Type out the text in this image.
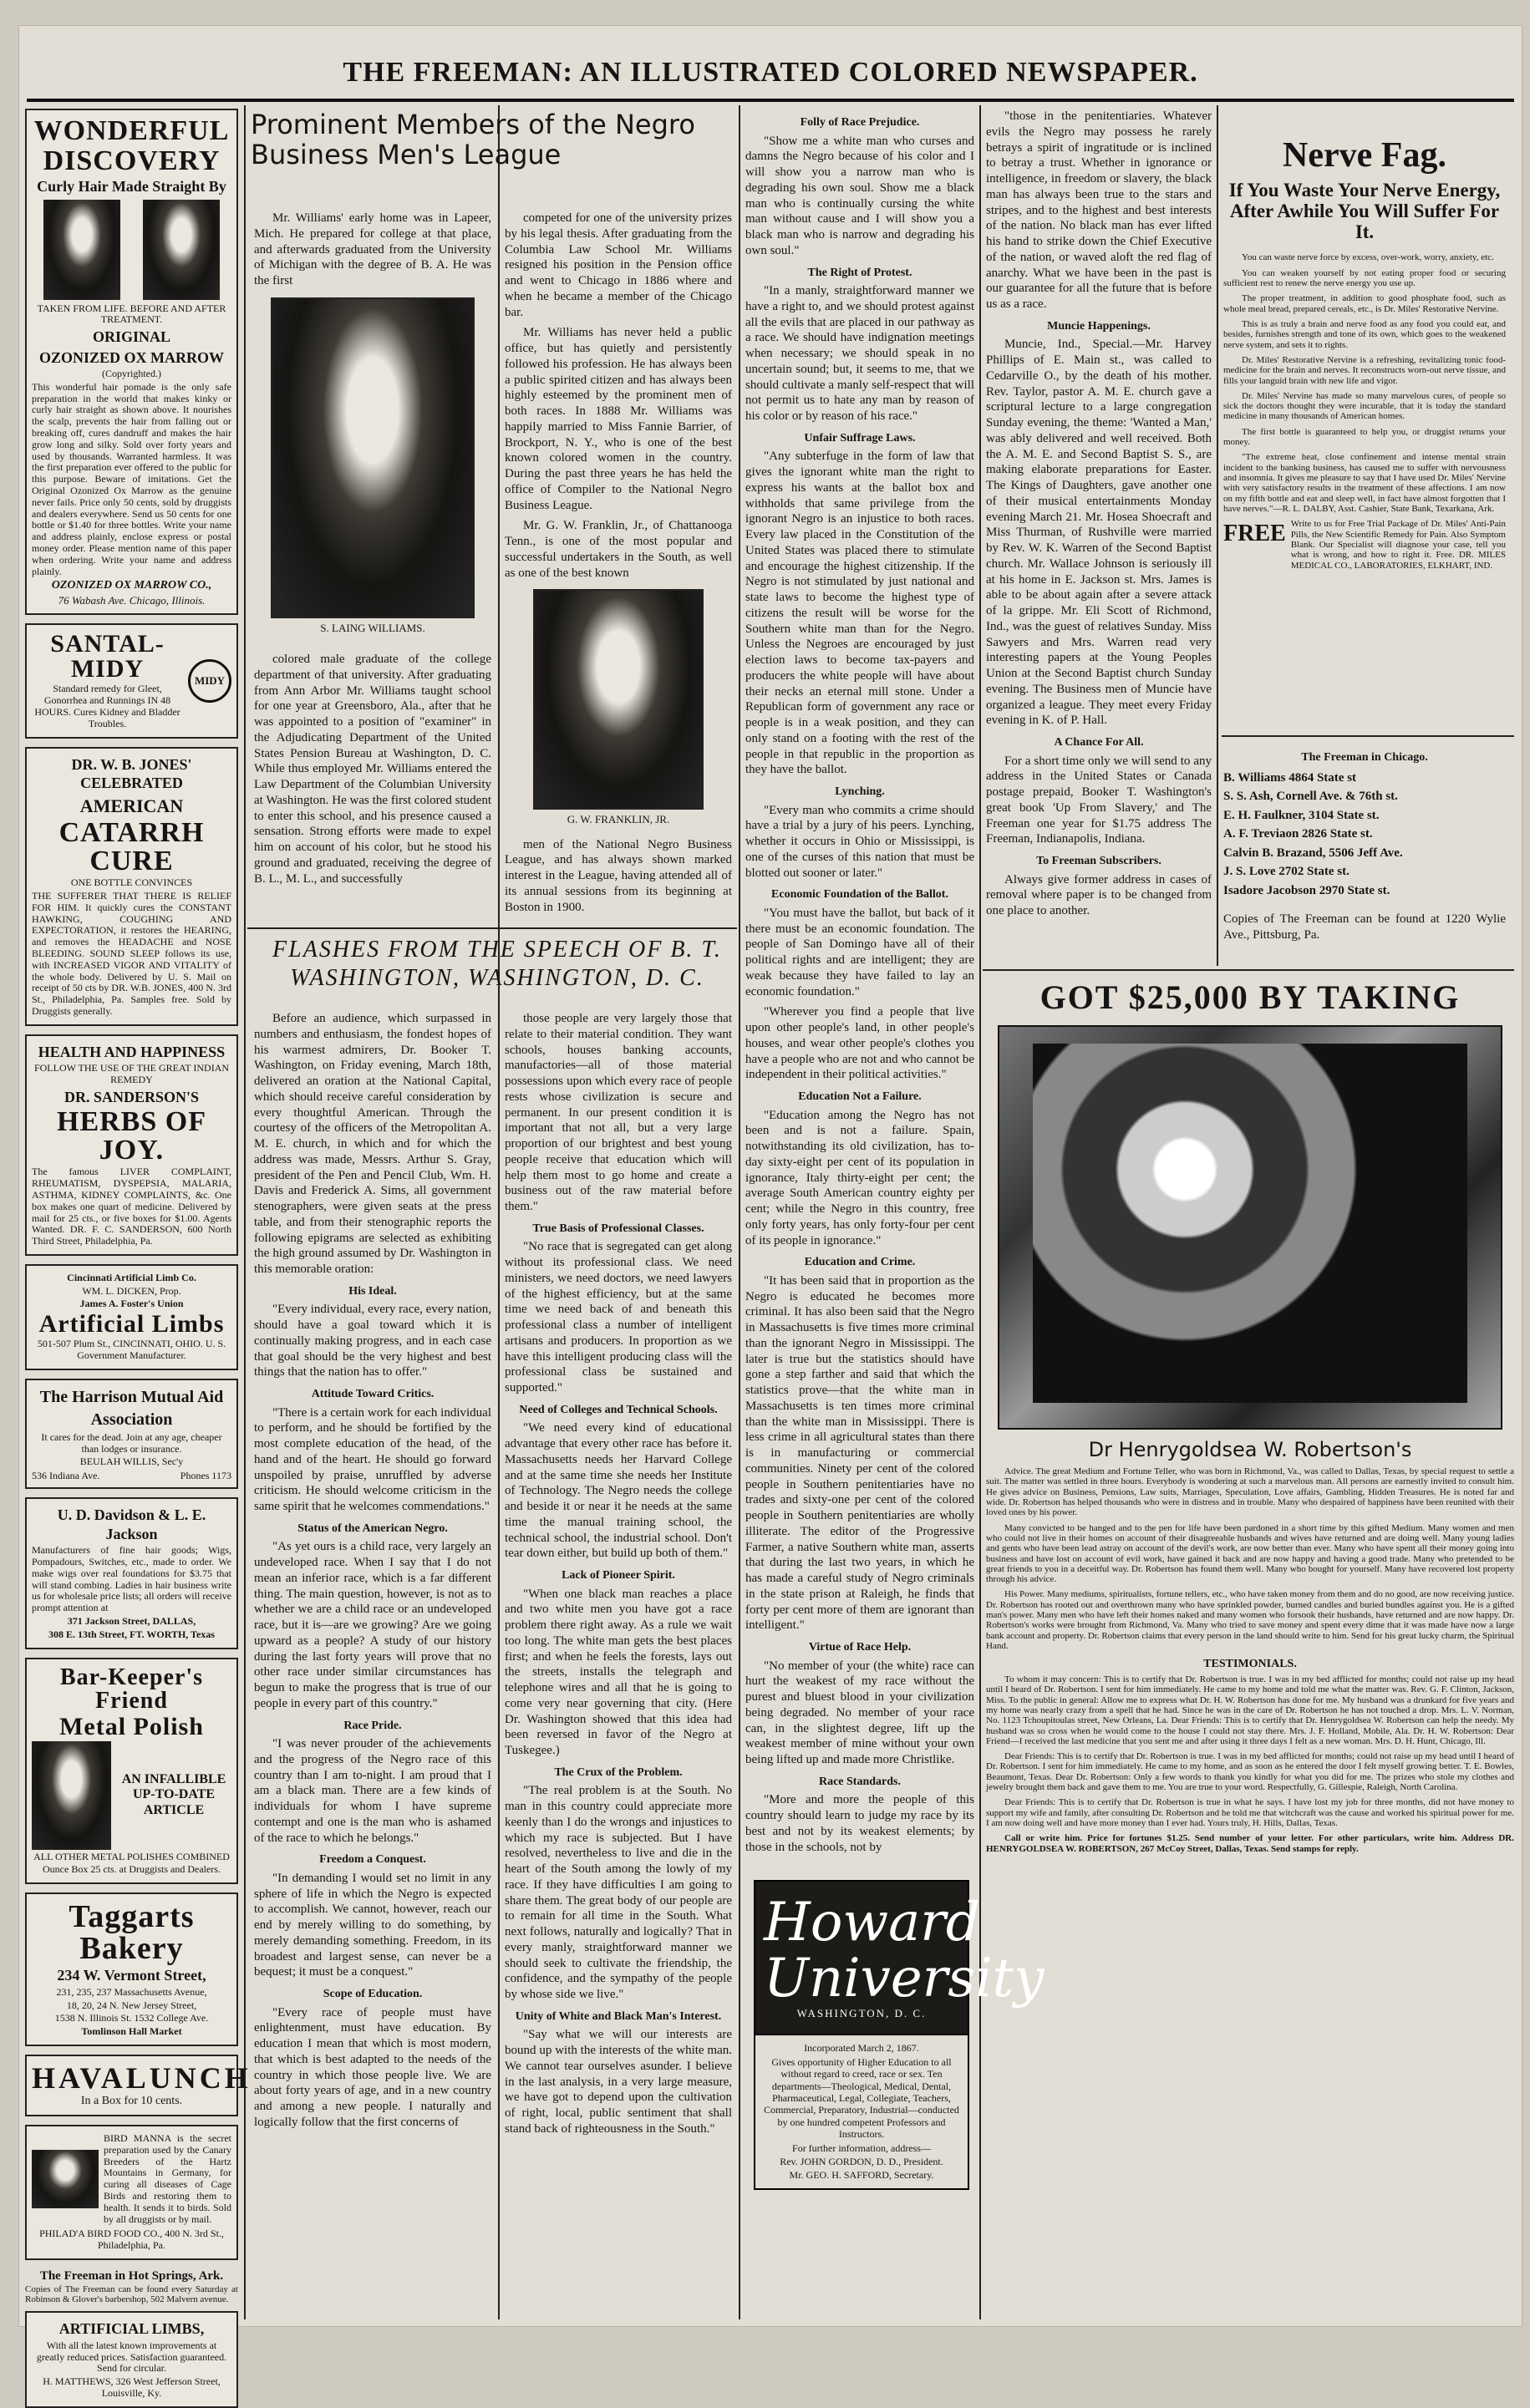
THE FREEMAN: AN ILLUSTRATED COLORED NEWSPAPER.
WONDERFUL
DISCOVERY
Curly Hair Made Straight By

TAKEN FROM LIFE. BEFORE AND AFTER TREATMENT.

ORIGINAL
OZONIZED OX MARROW

(Copyrighted.)

This wonderful hair pomade is the only safe preparation in the world that makes kinky or curly hair straight as shown above. It nourishes the scalp, prevents the hair from falling out or breaking off, cures dandruff and makes the hair grow long and silky. Sold over forty years and used by thousands. Warranted harmless. It was the first preparation ever offered to the public for this purpose. Beware of imitations. Get the Original Ozonized Ox Marrow as the genuine never fails. Price only 50 cents, sold by druggists and dealers everywhere. Send us 50 cents for one bottle or $1.40 for three bottles. Write your name and address plainly, enclose express or postal money order. Please mention name of this paper when ordering. Write your name and address plainly.

OZONIZED OX MARROW CO.,

76 Wabash Ave. Chicago, Illinois.

SANTAL-MIDY

Standard remedy for Gleet, Gonorrhea and Runnings IN 48 HOURS. Cures Kidney and Bladder Troubles.

MIDY
DR. W. B. JONES' CELEBRATED
AMERICAN
CATARRH CURE

ONE BOTTLE CONVINCES

THE SUFFERER THAT THERE IS RELIEF FOR HIM. It quickly cures the CONSTANT HAWKING, COUGHING AND EXPECTORATION, it restores the HEARING, and removes the HEADACHE and NOSE BLEEDING. SOUND SLEEP follows its use, with INCREASED VIGOR AND VITALITY of the whole body. Delivered by U. S. Mail on receipt of 50 cts by DR. W.B. JONES, 400 N. 3rd St., Philadelphia, Pa. Samples free. Sold by Druggists generally.

HEALTH AND HAPPINESS

FOLLOW THE USE OF THE GREAT INDIAN REMEDY

DR. SANDERSON'S
HERBS OF JOY.

The famous LIVER COMPLAINT, RHEUMATISM, DYSPEPSIA, MALARIA, ASTHMA, KIDNEY COMPLAINTS, &c. One box makes one quart of medicine. Delivered by mail for 25 cts., or five boxes for $1.00. Agents Wanted. DR. F. C. SANDERSON, 600 North Third Street, Philadelphia, Pa.

Cincinnati Artificial Limb Co.

WM. L. DICKEN, Prop.

James A. Foster's Union

Artificial Limbs

501-507 Plum St., CINCINNATI, OHIO. U. S. Government Manufacturer.

The Harrison Mutual Aid
Association

It cares for the dead. Join at any age, cheaper than lodges or insurance.

BEULAH WILLIS, Sec'y

536 Indiana Ave.	Phones 1173
U. D. Davidson & L. E. Jackson

Manufacturers of fine hair goods; Wigs, Pompadours, Switches, etc., made to order. We make wigs over real foundations for $3.75 that will stand combing. Ladies in hair business write us for wholesale price lists; all orders will receive prompt attention at

371 Jackson Street, DALLAS,

308 E. 13th Street, FT. WORTH, Texas

Bar-Keeper's Friend
Metal Polish

AN INFALLIBLE UP-TO-DATE ARTICLE

ALL OTHER METAL POLISHES COMBINED

Ounce Box 25 cts. at Druggists and Dealers.

Taggarts Bakery
234 W. Vermont Street,

231, 235, 237 Massachusetts Avenue,

18, 20, 24 N. New Jersey Street,

1538 N. Illinois St. 1532 College Ave.

Tomlinson Hall Market

HAVALUNCH

In a Box for 10 cents.

BIRD MANNA is the secret preparation used by the Canary Breeders of the Hartz Mountains in Germany, for curing all diseases of Cage Birds and restoring them to health. It sends it to birds. Sold by all druggists or by mail.

PHILAD'A BIRD FOOD CO., 400 N. 3rd St., Philadelphia, Pa.

The Freeman in Hot Springs, Ark.

Copies of The Freeman can be found every Saturday at Robinson & Glover's barbershop, 502 Malvern avenue.

ARTIFICIAL LIMBS,

With all the latest known improvements at greatly reduced prices. Satisfaction guaranteed. Send for circular.

H. MATTHEWS, 326 West Jefferson Street, Louisville, Ky.

Prominent Members of the Negro Business Men's League

Mr. Williams' early home was in Lapeer, Mich. He prepared for college at that place, and afterwards graduated from the University of Michigan with the degree of B. A. He was the first

S. LAING WILLIAMS.

colored male graduate of the college department of that university. After graduating from Ann Arbor Mr. Williams taught school for one year at Greensboro, Ala., after that he was appointed to a position of "examiner" in the Adjudicating Department of the United States Pension Bureau at Washington, D. C. While thus employed Mr. Williams entered the Law Department of the Columbian University at Washington. He was the first colored student to enter this school, and his presence caused a sensation. Strong efforts were made to expel him on account of his color, but he stood his ground and graduated, receiving the degree of B. L., M. L., and successfully

competed for one of the university prizes by his legal thesis. After graduating from the Columbia Law School Mr. Williams resigned his position in the Pension office and went to Chicago in 1886 where and when he became a member of the Chicago bar.

Mr. Williams has never held a public office, but has quietly and persistently followed his profession. He has always been a public spirited citizen and has always been highly esteemed by the prominent men of both races. In 1888 Mr. Williams was happily married to Miss Fannie Barrier, of Brockport, N. Y., who is one of the best known colored women in the country. During the past three years he has held the office of Compiler to the National Negro Business League.

Mr. G. W. Franklin, Jr., of Chattanooga Tenn., is one of the most popular and successful undertakers in the South, as well as one of the best known

G. W. FRANKLIN, JR.

men of the National Negro Business League, and has always shown marked interest in the League, having attended all of its annual sessions from its beginning at Boston in 1900.

FLASHES FROM THE SPEECH OF B. T. WASHINGTON, WASHINGTON, D. C.

Before an audience, which surpassed in numbers and enthusiasm, the fondest hopes of his warmest admirers, Dr. Booker T. Washington, on Friday evening, March 18th, delivered an oration at the National Capital, which should receive careful consideration by every thoughtful American. Through the courtesy of the officers of the Metropolitan A. M. E. church, in which and for which the address was made, Messrs. Arthur S. Gray, president of the Pen and Pencil Club, Wm. H. Davis and Frederick A. Sims, all government stenographers, were given seats at the press table, and from their stenographic reports the following epigrams are selected as exhibiting the high ground assumed by Dr. Washington in this memorable oration:

His Ideal.

"Every individual, every race, every nation, should have a goal toward which it is continually making progress, and in each case that goal should be the very highest and best things that the nation has to offer."

Attitude Toward Critics.

"There is a certain work for each individual to perform, and he should be fortified by the most complete education of the head, of the hand and of the heart. He should go forward unspoiled by praise, unruffled by adverse criticism. He should welcome criticism in the same spirit that he welcomes commendations."

Status of the American Negro.

"As yet ours is a child race, very largely an undeveloped race. When I say that I do not mean an inferior race, which is a far different thing. The main question, however, is not as to whether we are a child race or an undeveloped race, but it is—are we growing? Are we going upward as a people? A study of our history during the last forty years will prove that no other race under similar circumstances has begun to make the progress that is true of our people in every part of this country."

Race Pride.

"I was never prouder of the achievements and the progress of the Negro race of this country than I am to-night. I am proud that I am a black man. There are a few kinds of individuals for whom I have supreme contempt and one is the man who is ashamed of the race to which he belongs."

Freedom a Conquest.

"In demanding I would set no limit in any sphere of life in which the Negro is expected to accomplish. We cannot, however, reach our end by merely willing to do something, by merely demanding something. Freedom, in its broadest and largest sense, can never be a bequest; it must be a conquest."

Scope of Education.

"Every race of people must have enlightenment, must have education. By education I mean that which is most modern, that which is best adapted to the needs of the country in which those people live. We are about forty years of age, and in a new country and among a new people. I naturally and logically follow that the first concerns of

those people are very largely those that relate to their material condition. They want schools, houses banking accounts, manufactories—all of those material possessions upon which every race of people rests whose civilization is secure and permanent. In our present condition it is important that not all, but a very large proportion of our brightest and best young people receive that education which will help them most to go home and create a business out of the raw material before them."

True Basis of Professional Classes.

"No race that is segregated can get along without its professional class. We need ministers, we need doctors, we need lawyers of the highest efficiency, but at the same time we need back of and beneath this professional class a number of intelligent artisans and producers. In proportion as we have this intelligent producing class will the professional class be sustained and supported."

Need of Colleges and Technical Schools.

"We need every kind of educational advantage that every other race has before it. Massachusetts needs her Harvard College and at the same time she needs her Institute of Technology. The Negro needs the college and beside it or near it he needs at the same time the manual training school, the technical school, the industrial school. Don't tear down either, but build up both of them."

Lack of Pioneer Spirit.

"When one black man reaches a place and two white men you have got a race problem there right away. As a rule we wait too long. The white man gets the best places first; and when he feels the forests, lays out the streets, installs the telegraph and telephone wires and all that he is going to come very near governing that city. (Here Dr. Washington showed that this idea had been reversed in favor of the Negro at Tuskegee.)

The Crux of the Problem.

"The real problem is at the South. No man in this country could appreciate more keenly than I do the wrongs and injustices to which my race is subjected. But I have resolved, nevertheless to live and die in the heart of the South among the lowly of my race. If they have difficulties I am going to share them. The great body of our people are to remain for all time in the South. What next follows, naturally and logically? That in every manly, straightforward manner we should seek to cultivate the friendship, the confidence, and the sympathy of the people by whose side we live."

Unity of White and Black Man's Interest.

"Say what we will our interests are bound up with the interests of the white man. We cannot tear ourselves asunder. I believe in the last analysis, in a very large measure, we have got to depend upon the cultivation of right, local, public sentiment that shall stand back of righteousness in the South."

Folly of Race Prejudice.

"Show me a white man who curses and damns the Negro because of his color and I will show you a narrow man who is degrading his own soul. Show me a black man who is continually cursing the white man without cause and I will show you a black man who is narrow and degrading his own soul."

The Right of Protest.

"In a manly, straightforward manner we have a right to, and we should protest against all the evils that are placed in our pathway as a race. We should have indignation meetings when necessary; we should speak in no uncertain sound; but, it seems to me, that we should cultivate a manly self-respect that will not permit us to hate any man by reason of his color or by reason of his race."

Unfair Suffrage Laws.

"Any subterfuge in the form of law that gives the ignorant white man the right to express his wants at the ballot box and withholds that same privilege from the ignorant Negro is an injustice to both races. Every law placed in the Constitution of the United States was placed there to stimulate and encourage the highest citizenship. If the Negro is not stimulated by just national and state laws to become the highest type of citizens the result will be worse for the Southern white man than for the Negro. Unless the Negroes are encouraged by just election laws to become tax-payers and producers the white people will have about their necks an eternal mill stone. Under a Republican form of government any race or people is in a weak position, and they can only stand on a footing with the rest of the people in that republic in the proportion as they have the ballot.

Lynching.

"Every man who commits a crime should have a trial by a jury of his peers. Lynching, whether it occurs in Ohio or Mississippi, is one of the curses of this nation that must be blotted out sooner or later."

Economic Foundation of the Ballot.

"You must have the ballot, but back of it there must be an economic foundation. The people of San Domingo have all of their political rights and are intelligent; they are weak because they have failed to lay an economic foundation."

"Wherever you find a people that live upon other people's land, in other people's houses, and wear other people's clothes you have a people who are not and who cannot be independent in their political activities."

Education Not a Failure.

"Education among the Negro has not been and is not a failure. Spain, notwithstanding its old civilization, has to-day sixty-eight per cent of its population in ignorance, Italy thirty-eight per cent; the average South American country eighty per cent; while the Negro in this country, free only forty years, has only forty-four per cent of its people in ignorance."

Education and Crime.

"It has been said that in proportion as the Negro is educated he becomes more criminal. It has also been said that the Negro in Massachusetts is five times more criminal than the ignorant Negro in Mississippi. The later is true but the statistics should have gone a step farther and said that which the statistics prove—that the white man in Massachusetts is ten times more criminal than the white man in Mississippi. There is less crime in all agricultural states than there is in manufacturing or commercial communities. Ninety per cent of the colored people in Southern penitentiaries have no trades and sixty-one per cent of the colored people in Southern penitentiaries are wholly illiterate. The editor of the Progressive Farmer, a native Southern white man, asserts that during the last two years, in which he has made a careful study of Negro criminals in the state prison at Raleigh, he finds that forty per cent more of them are ignorant than intelligent."

Virtue of Race Help.

"No member of your (the white) race can hurt the weakest of my race without the purest and bluest blood in your civilization being degraded. No member of your race can, in the slightest degree, lift up the weakest member of mine without your own being lifted up and made more Christlike.

Race Standards.

"More and more the people of this country should learn to judge my race by its best and not by its weakest elements; by those in the schools, not by

Howard
University
WASHINGTON, D. C.

Incorporated March 2, 1867.

Gives opportunity of Higher Education to all without regard to creed, race or sex. Ten departments—Theological, Medical, Dental, Pharmaceutical, Legal, Collegiate, Teachers, Commercial, Preparatory, Industrial—conducted by one hundred competent Professors and Instructors.

For further information, address—

Rev. JOHN GORDON, D. D., President.

Mr. GEO. H. SAFFORD, Secretary.

"those in the penitentiaries. Whatever evils the Negro may possess he rarely betrays a spirit of ingratitude or is inclined to betray a trust. Whether in ignorance or intelligence, in freedom or slavery, the black man has always been true to the stars and stripes, and to the highest and best interests of the nation. No black man has ever lifted his hand to strike down the Chief Executive of the nation, or waved aloft the red flag of anarchy. What we have been in the past is our guarantee for all the future that is before us as a race.

Muncie Happenings.

Muncie, Ind., Special.—Mr. Harvey Phillips of E. Main st., was called to Cedarville O., by the death of his mother. Rev. Taylor, pastor A. M. E. church gave a scriptural lecture to a large congregation Sunday evening, the theme: 'Wanted a Man,' was ably delivered and well received. Both the A. M. E. and Second Baptist S. S., are making elaborate preparations for Easter. The Kings of Daughters, gave another one of their musical entertainments Monday evening March 21. Mr. Hosea Shoecraft and Miss Thurman, of Rushville were married by Rev. W. K. Warren of the Second Baptist church. Mr. Wallace Johnson is seriously ill at his home in E. Jackson st. Mrs. James is able to be about again after a severe attack of la grippe. Mr. Eli Scott of Richmond, Ind., was the guest of relatives Sunday. Miss Sawyers and Mrs. Warren read very interesting papers at the Young Peoples Union at the Second Baptist church Sunday evening. The Business men of Muncie have organized a league. They meet every Friday evening in K. of P. Hall.

A Chance For All.

For a short time only we will send to any address in the United States or Canada postage prepaid, Booker T. Washington's great book 'Up From Slavery,' and The Freeman one year for $1.75 address The Freeman, Indianapolis, Indiana.

To Freeman Subscribers.

Always give former address in cases of removal where paper is to be changed from one place to another.

Nerve Fag.
If You Waste Your Nerve Energy, After Awhile You Will Suffer For It.

You can waste nerve force by excess, over-work, worry, anxiety, etc.

You can weaken yourself by not eating proper food or securing sufficient rest to renew the nerve energy you use up.

The proper treatment, in addition to good phosphate food, such as whole meal bread, prepared cereals, etc., is Dr. Miles' Restorative Nervine.

This is as truly a brain and nerve food as any food you could eat, and besides, furnishes strength and tone of its own, which goes to the weakened nerve system, and sets it to rights.

Dr. Miles' Restorative Nervine is a refreshing, revitalizing tonic food-medicine for the brain and nerves. It reconstructs worn-out nerve tissue, and fills your languid brain with new life and vigor.

Dr. Miles' Nervine has made so many marvelous cures, of people so sick the doctors thought they were incurable, that it is today the standard medicine in many thousands of American homes.

The first bottle is guaranteed to help you, or druggist returns your money.

"The extreme heat, close confinement and intense mental strain incident to the banking business, has caused me to suffer with nervousness and insomnia. It gives me pleasure to say that I have used Dr. Miles' Nervine with very satisfactory results in the treatment of these affections. I am now on my fifth bottle and eat and sleep well, in fact have almost forgotten that I have nerves."—R. L. DALBY, Asst. Cashier, State Bank, Texarkana, Ark.

FREE Write to us for Free Trial Package of Dr. Miles' Anti-Pain Pills, the New Scientific Remedy for Pain. Also Symptom Blank. Our Specialist will diagnose your case, tell you what is wrong, and how to right it. Free. DR. MILES MEDICAL CO., LABORATORIES, ELKHART, IND.

The Freeman in Chicago.
B. Williams 4864 State st
S. S. Ash, Cornell Ave. & 76th st.
E. H. Faulkner, 3104 State st.
A. F. Treviaon 2826 State st.
Calvin B. Brazand, 5506 Jeff Ave.
J. S. Love 2702 State st.
Isadore Jacobson 2970 State st.

Copies of The Freeman can be found at 1220 Wylie Ave., Pittsburg, Pa.

GOT $25,000 BY TAKING
Dr Henrygoldsea W. Robertson's

Advice. The great Medium and Fortune Teller, who was born in Richmond, Va., was called to Dallas, Texas, by special request to settle a suit. The matter was settled in three hours. Everybody is wondering at such a marvelous man. All persons are earnestly invited to consult him. He gives advice on Business, Pensions, Law suits, Marriages, Speculation, Love affairs, Gambling, Hidden Treasures. He is noted far and wide. Dr. Robertson has helped thousands who were in distress and in trouble. Many who despaired of happiness have been reunited with their loved ones by his power.

Many convicted to be hanged and to the pen for life have been pardoned in a short time by this gifted Medium. Many women and men who could not live in their homes on account of their disagreeable husbands and wives have returned and are doing well. Many young ladies and gents who have been lead astray on account of the devil's work, are now better than ever. Many who have spent all their money going into business and have lost on account of evil work, have gained it back and are now happy and having a good trade. Many who pretended to be great friends to you in a deceitful way. Dr. Robertson has found them well. Many who bought for yourself. Many have recovered lost property through his advice.

His Power. Many mediums, spiritualists, fortune tellers, etc., who have taken money from them and do no good, are now receiving justice. Dr. Robertson has rooted out and overthrown many who have sprinkled powder, burned candles and buried bundles against you. He is a gifted man's power. Many men who have left their homes naked and many women who forsook their husbands, have returned and are now happy. Dr. Robertson's works were brought from Richmond, Va. Many who tried to save money and spent every dime that it was made have now a large bank account and property. Dr. Robertson claims that every person in the land should write to him. Send for his great lucky charm, the Spiritual Hand.

TESTIMONIALS.

To whom it may concern: This is to certify that Dr. Robertson is true. I was in my bed afflicted for months; could not raise up my head until I heard of Dr. Robertson. I sent for him immediately. He came to my home and told me what the matter was. Rev. G. F. Clinton, Jackson, Miss. To the public in general: Allow me to express what Dr. H. W. Robertson has done for me. My husband was a drunkard for five years and my home was nearly crazy from a spell that he had. Since he was in the care of Dr. Robertson he has not touched a drop. Mrs. L. V. Norman, No. 1123 Tchoupitoulas street, New Orleans, La. Dear Friends: This is to certify that Dr. Henrygoldsea W. Robertson can help the needy. My husband was so cross when he would come to the house I could not stay there. Mrs. J. F. Holland, Mobile, Ala. Dr. H. W. Robertson: Dear Friend—I received the last medicine that you sent me and after using it three days I felt as a new woman. Mrs. D. H. Hunt, Chicago, Ill.

Dear Friends: This is to certify that Dr. Robertson is true. I was in my bed afflicted for months; could not raise up my head until I heard of Dr. Robertson. I sent for him immediately. He came to my home, and as soon as he entered the door I felt myself growing better. T. E. Bowles, Beaumont, Texas. Dear Dr. Robertson: Only a few words to thank you kindly for what you did for me. The prizes who stole my clothes and jewelry brought them back and gave them to me. You are true to your word. Respectfully, G. Gillespie, Raleigh, North Carolina.

Dear Friends: This is to certify that Dr. Robertson is true in what he says. I have lost my job for three months, did not have money to support my wife and family, after consulting Dr. Robertson and he told me that witchcraft was the cause and worked his spiritual power for me. I am now doing well and have more money than I ever had. Yours truly, H. Hills, Dallas, Texas.

Call or write him. Price for fortunes $1.25. Send number of your letter. For other particulars, write him. Address DR. HENRYGOLDSEA W. ROBERTSON, 267 McCoy Street, Dallas, Texas. Send stamps for reply.
